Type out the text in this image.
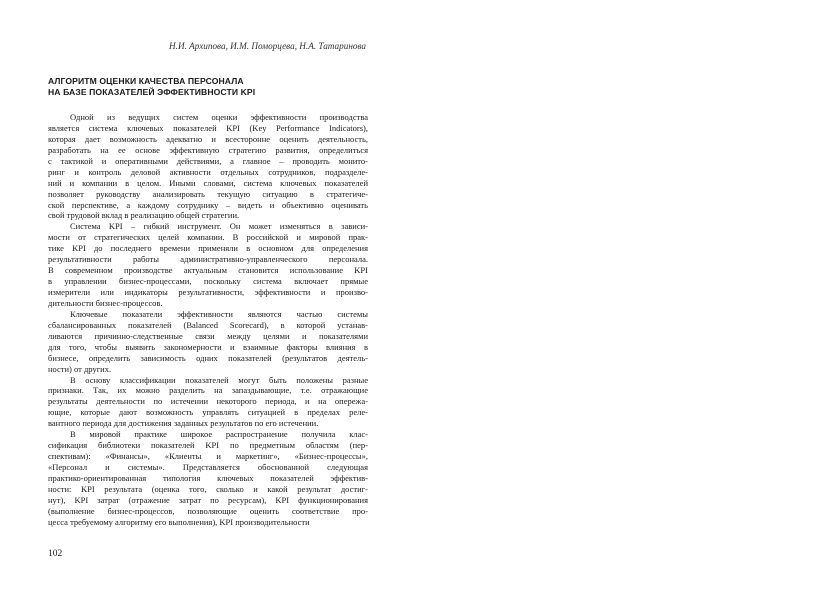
Н.И. Архипова, И.М. Поморцева, Н.А. Татаринова
АЛГОРИТМ ОЦЕНКИ КАЧЕСТВА ПЕРСОНАЛА
НА БАЗЕ ПОКАЗАТЕЛЕЙ ЭФФЕКТИВНОСТИ KPI
Одной из ведущих систем оценки эффективности производства
является система ключевых показателей KPI (Key Performance Indicators),
которая дает возможность адекватно и всесторонне оценить деятельность,
разработать на ее основе эффективную стратегию развития, определиться
с тактикой и оперативными действиями, а главное – проводить монито-
ринг и контроль деловой активности отдельных сотрудников, подразделе-
ний и компании в целом. Иными словами, система ключевых показателей
позволяет руководству анализировать текущую ситуацию в стратегиче-
ской перспективе, а каждому сотруднику – видеть и объективно оценивать
свой трудовой вклад в реализацию общей стратегии.
Система KPI – гибкий инструмент. Он может изменяться в зависи-
мости от стратегических целей компании. В российской и мировой прак-
тике KPI до последнего времени применяли в основном для определения
результативности работы административно-управленческого персонала.
В современном производстве актуальным становится использование KPI
в управлении бизнес-процессами, поскольку система включает прямые
измерители или индикаторы результативности, эффективности и произво-
дительности бизнес-процессов.
Ключевые показатели эффективности являются частью системы
сбалансированных показателей (Balanced Scorecard), в которой устанав-
ливаются причинно-следственные связи между целями и показателями
для того, чтобы выявить закономерности и взаимные факторы влияния в
бизнесе, определить зависимость одних показателей (результатов деятель-
ности) от других.
В основу классификации показателей могут быть положены разные
признаки. Так, их можно разделить на запаздывающие, т.е. отражающие
результаты деятельности по истечении некоторого периода, и на опережа-
ющие, которые дают возможность управлять ситуацией в пределах реле-
вантного периода для достижения заданных результатов по его истечении.
В мировой практике широкое распространение получила клас-
сификация библиотеки показателей KPI по предметным областям (пер-
спективам): «Финансы», «Клиенты и маркетинг», «Бизнес-процессы»,
«Персонал и системы». Представляется обоснованной следующая
практико-ориентированная типология ключевых показателей эффектив-
ности: KPI результата (оценка того, сколько и какой результат достиг-
нут), KPI затрат (отражение затрат по ресурсам), KPI функционирования
(выполнение бизнес-процессов, позволяющие оценить соответствие про-
цесса требуемому алгоритму его выполнения), KPI производительности
102
